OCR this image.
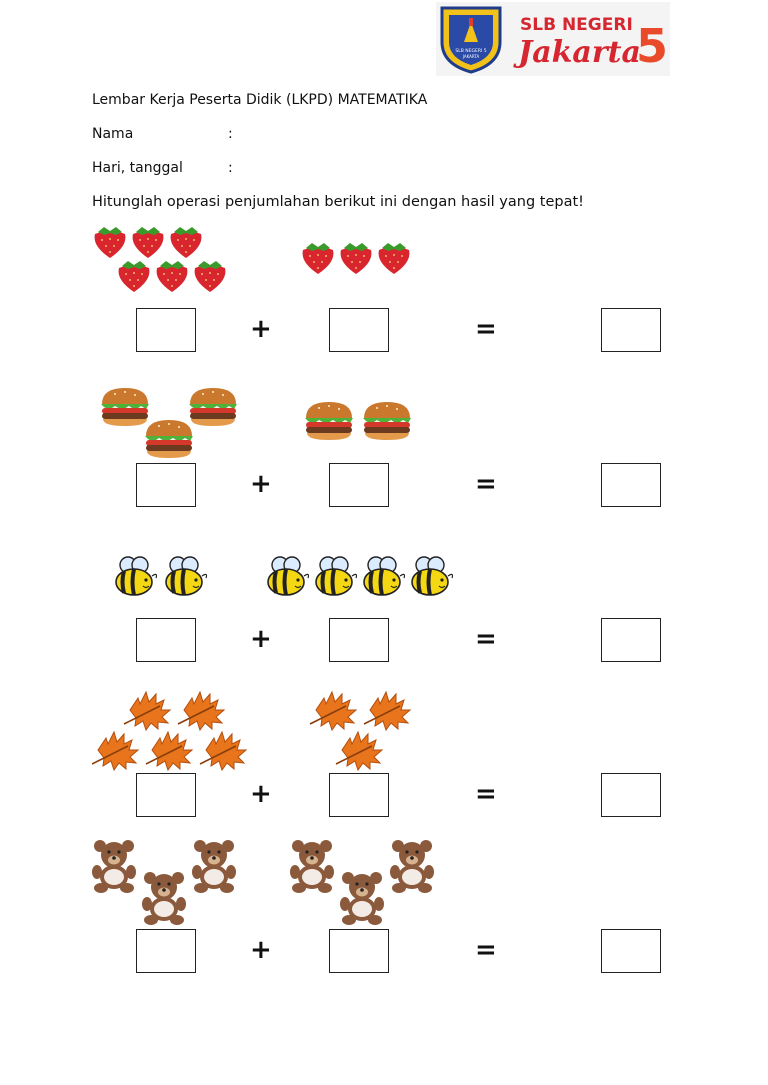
SLB NEGERI 5
JAKARTA
SLB NEGERI
Jakarta
5
Lembar Kerja Peserta Didik (LKPD) MATEMATIKA
Nama	:
Hari, tanggal	:
Hitunglah operasi penjumlahan berikut ini dengan hasil yang tepat!
+	=
+	=
+	=
+	=
+	=
